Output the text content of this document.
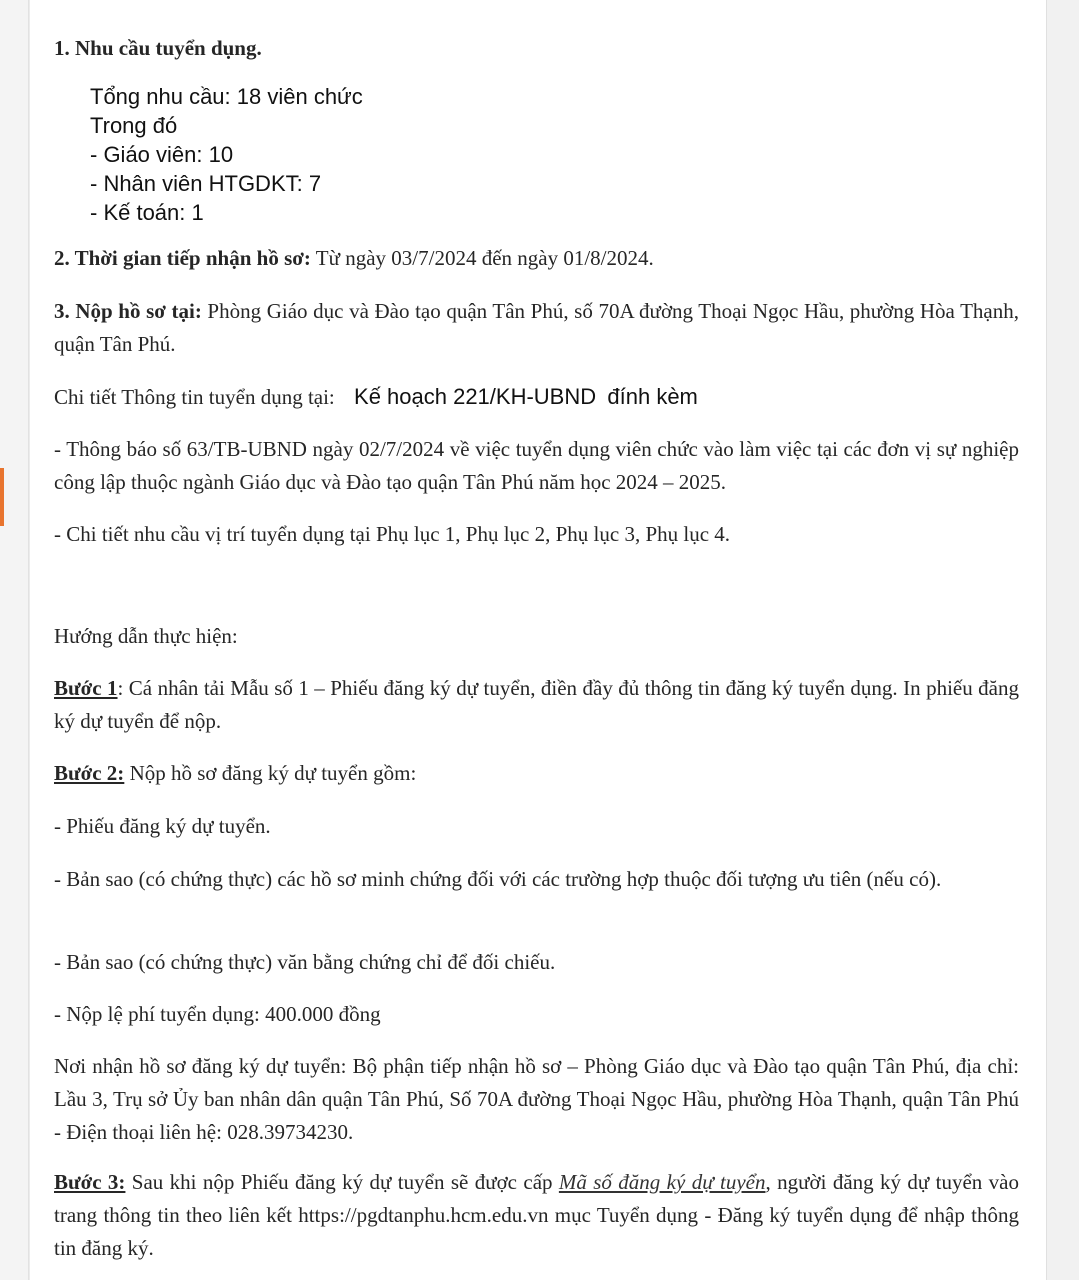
1. Nhu cầu tuyển dụng.
Tổng nhu cầu: 18 viên chức
Trong đó
- Giáo viên: 10
- Nhân viên HTGDKT: 7
- Kế toán: 1
2. Thời gian tiếp nhận hồ sơ: Từ ngày 03/7/2024 đến ngày 01/8/2024.
3. Nộp hồ sơ tại: Phòng Giáo dục và Đào tạo quận Tân Phú, số 70A đường Thoại Ngọc Hầu, phường Hòa Thạnh, quận Tân Phú.
Chi tiết Thông tin tuyển dụng tại: Kế hoạch 221/KH-UBND đính kèm
- Thông báo số 63/TB-UBND ngày 02/7/2024 về việc tuyển dụng viên chức vào làm việc tại các đơn vị sự nghiệp công lập thuộc ngành Giáo dục và Đào tạo quận Tân Phú năm học 2024 – 2025.
- Chi tiết nhu cầu vị trí tuyển dụng tại Phụ lục 1, Phụ lục 2, Phụ lục 3, Phụ lục 4.
Hướng dẫn thực hiện:
Bước 1: Cá nhân tải Mẫu số 1 – Phiếu đăng ký dự tuyển, điền đầy đủ thông tin đăng ký tuyển dụng. In phiếu đăng ký dự tuyển để nộp.
Bước 2: Nộp hồ sơ đăng ký dự tuyển gồm:
- Phiếu đăng ký dự tuyển.
- Bản sao (có chứng thực) các hồ sơ minh chứng đối với các trường hợp thuộc đối tượng ưu tiên (nếu có).
- Bản sao (có chứng thực) văn bằng chứng chỉ để đối chiếu.
- Nộp lệ phí tuyển dụng: 400.000 đồng
Nơi nhận hồ sơ đăng ký dự tuyển: Bộ phận tiếp nhận hồ sơ – Phòng Giáo dục và Đào tạo quận Tân Phú, địa chỉ: Lầu 3, Trụ sở Ủy ban nhân dân quận Tân Phú, Số 70A đường Thoại Ngọc Hầu, phường Hòa Thạnh, quận Tân Phú - Điện thoại liên hệ: 028.39734230.
Bước 3: Sau khi nộp Phiếu đăng ký dự tuyển sẽ được cấp Mã số đăng ký dự tuyển, người đăng ký dự tuyển vào trang thông tin theo liên kết https://pgdtanphu.hcm.edu.vn mục Tuyển dụng - Đăng ký tuyển dụng để nhập thông tin đăng ký.
